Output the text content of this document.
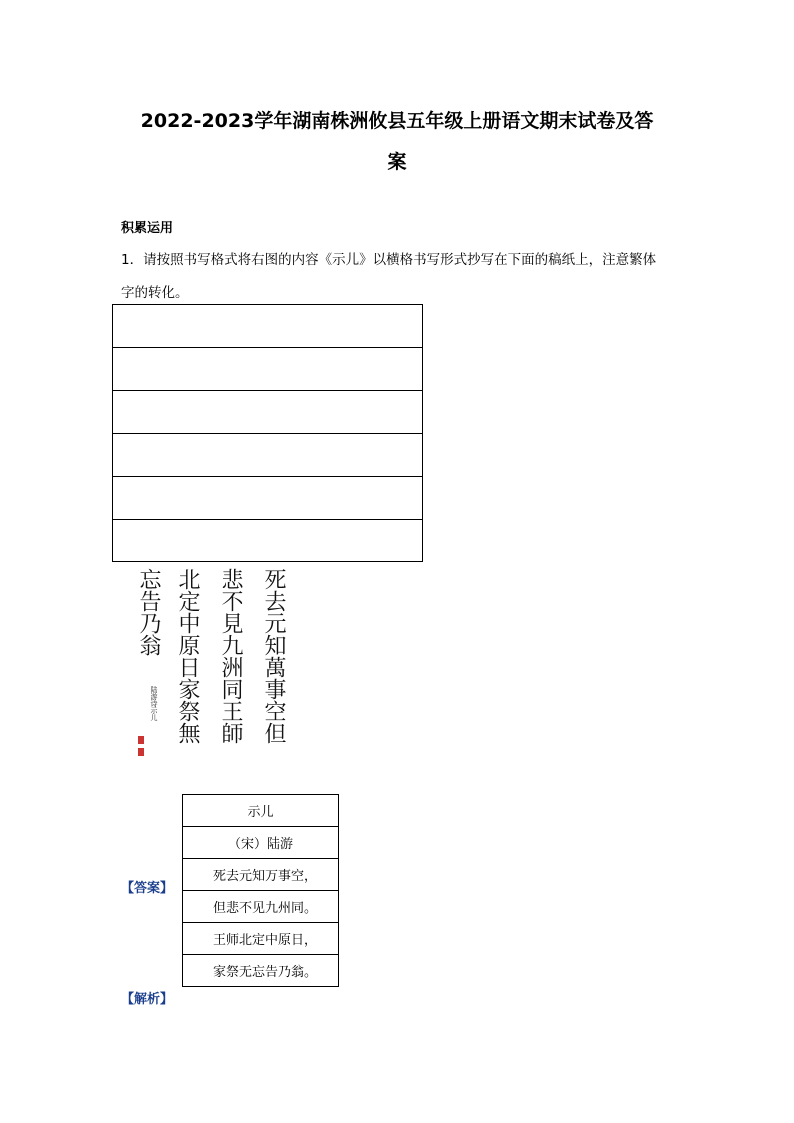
2022-2023学年湖南株洲攸县五年级上册语文期末试卷及答
案
积累运用
1．请按照书写格式将右图的内容《示儿》以横格书写形式抄写在下面的稿纸上，注意繁体
字的转化。
死去元知萬事空但
悲不見九洲同王師
北定中原日家祭無
忘告乃翁
陆游诗示儿
【答案】
示儿
（宋）陆游
死去元知万事空，
但悲不见九州同。
王师北定中原日，
家祭无忘告乃翁。
【解析】
